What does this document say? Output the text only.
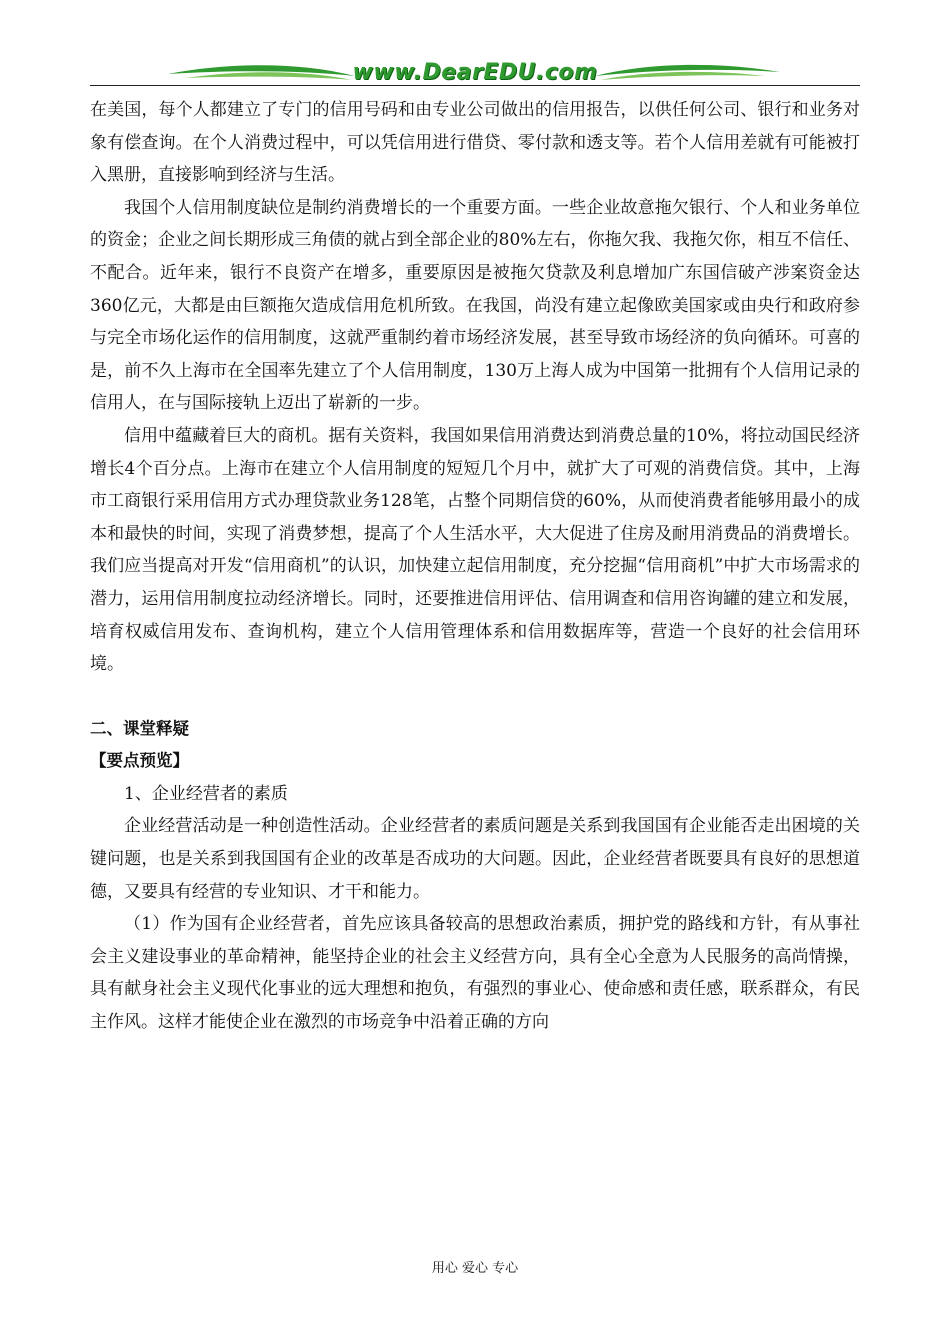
www.DearEDU.com

在美国，每个人都建立了专门的信用号码和由专业公司做出的信用报告，以供任何公司、银行和业务对象有偿查询。在个人消费过程中，可以凭信用进行借贷、零付款和透支等。若个人信用差就有可能被打入黑册，直接影响到经济与生活。

我国个人信用制度缺位是制约消费增长的一个重要方面。一些企业故意拖欠银行、个人和业务单位的资金；企业之间长期形成三角债的就占到全部企业的80%左右，你拖欠我、我拖欠你，相互不信任、不配合。近年来，银行不良资产在增多，重要原因是被拖欠贷款及利息增加广东国信破产涉案资金达360亿元，大都是由巨额拖欠造成信用危机所致。在我国，尚没有建立起像欧美国家或由央行和政府参与完全市场化运作的信用制度，这就严重制约着市场经济发展，甚至导致市场经济的负向循环。可喜的是，前不久上海市在全国率先建立了个人信用制度，130万上海人成为中国第一批拥有个人信用记录的信用人，在与国际接轨上迈出了崭新的一步。

信用中蕴藏着巨大的商机。据有关资料，我国如果信用消费达到消费总量的10%，将拉动国民经济增长4个百分点。上海市在建立个人信用制度的短短几个月中，就扩大了可观的消费信贷。其中，上海市工商银行采用信用方式办理贷款业务128笔，占整个同期信贷的60%，从而使消费者能够用最小的成本和最快的时间，实现了消费梦想，提高了个人生活水平，大大促进了住房及耐用消费品的消费增长。我们应当提高对开发“信用商机”的认识，加快建立起信用制度，充分挖掘“信用商机”中扩大市场需求的潜力，运用信用制度拉动经济增长。同时，还要推进信用评估、信用调查和信用咨询罐的建立和发展，培育权威信用发布、查询机构，建立个人信用管理体系和信用数据库等，营造一个良好的社会信用环境。

二、课堂释疑

【要点预览】

1、企业经营者的素质

企业经营活动是一种创造性活动。企业经营者的素质问题是关系到我国国有企业能否走出困境的关键问题，也是关系到我国国有企业的改革是否成功的大问题。因此，企业经营者既要具有良好的思想道德，又要具有经营的专业知识、才干和能力。

（1）作为国有企业经营者，首先应该具备较高的思想政治素质，拥护党的路线和方针，有从事社会主义建设事业的革命精神，能坚持企业的社会主义经营方向，具有全心全意为人民服务的高尚情操，具有献身社会主义现代化事业的远大理想和抱负，有强烈的事业心、使命感和责任感，联系群众，有民主作风。这样才能使企业在激烈的市场竞争中沿着正确的方向

用心 爱心 专心
